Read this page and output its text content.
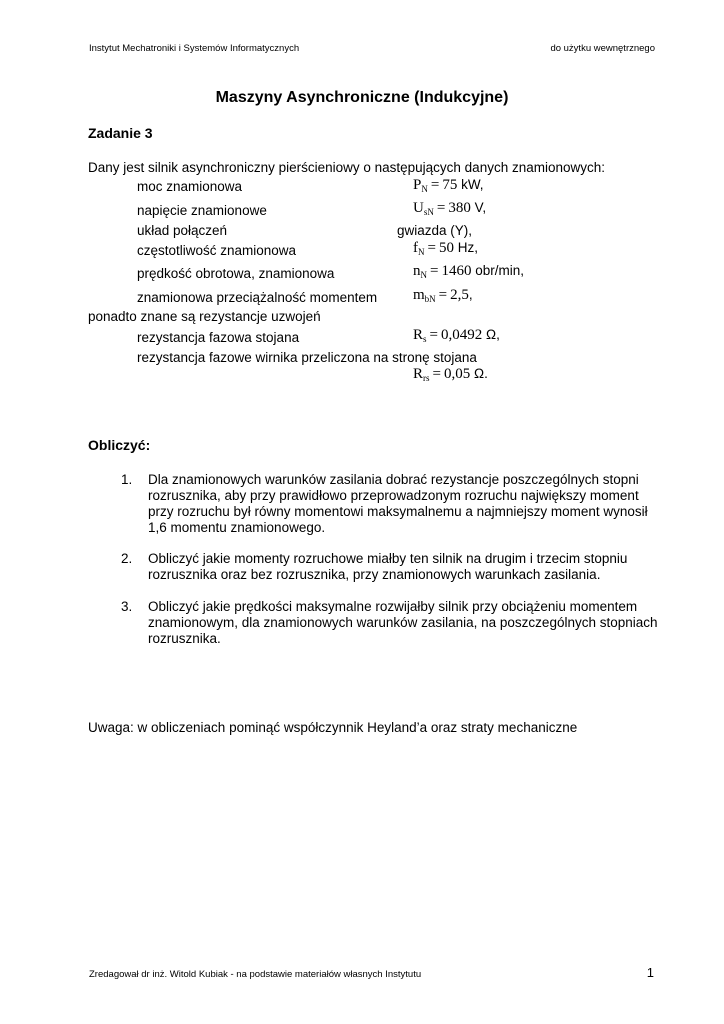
Instytut Mechatroniki i Systemów Informatycznych	do użytku wewnętrznego
Maszyny Asynchroniczne (Indukcyjne)
Zadanie 3
Dany jest silnik asynchroniczny pierścieniowy o następujących danych znamionowych:
moc znamionowa	$P_N = 75$ kW,
napięcie znamionowe	$U_{sN} = 380$ V,
układ połączeń	gwiazda (Y),
częstotliwość znamionowa	$f_N = 50$ Hz,
prędkość obrotowa, znamionowa	$n_N = 1460$ obr/min,
znamionowa przeciążalność momentem $m_{bN} = 2,5$,
ponadto znane są rezystancje uzwojeń
rezystancja fazowa stojana	$R_s = 0,0492$ Ω,
rezystancja fazowe wirnika przeliczona na stronę stojana
$R_{rs} = 0,05$ Ω.
Obliczyć:
1. Dla znamionowych warunków zasilania dobrać rezystancje poszczególnych stopni
rozrusznika, aby przy prawidłowo przeprowadzonym rozruchu największy moment
przy rozruchu był równy momentowi maksymalnemu a najmniejszy moment wynosił
1,6 momentu znamionowego.
2. Obliczyć jakie momenty rozruchowe miałby ten silnik na drugim i trzecim stopniu
rozrusznika oraz bez rozrusznika, przy znamionowych warunkach zasilania.
3. Obliczyć jakie prędkości maksymalne rozwijałby silnik przy obciążeniu momentem
znamionowym, dla znamionowych warunków zasilania, na poszczególnych stopniach
rozrusznika.
Uwaga: w obliczeniach pominąć współczynnik Heyland’a oraz straty mechaniczne
Zredagował dr inż. Witold Kubiak - na podstawie materiałów własnych Instytutu	1
